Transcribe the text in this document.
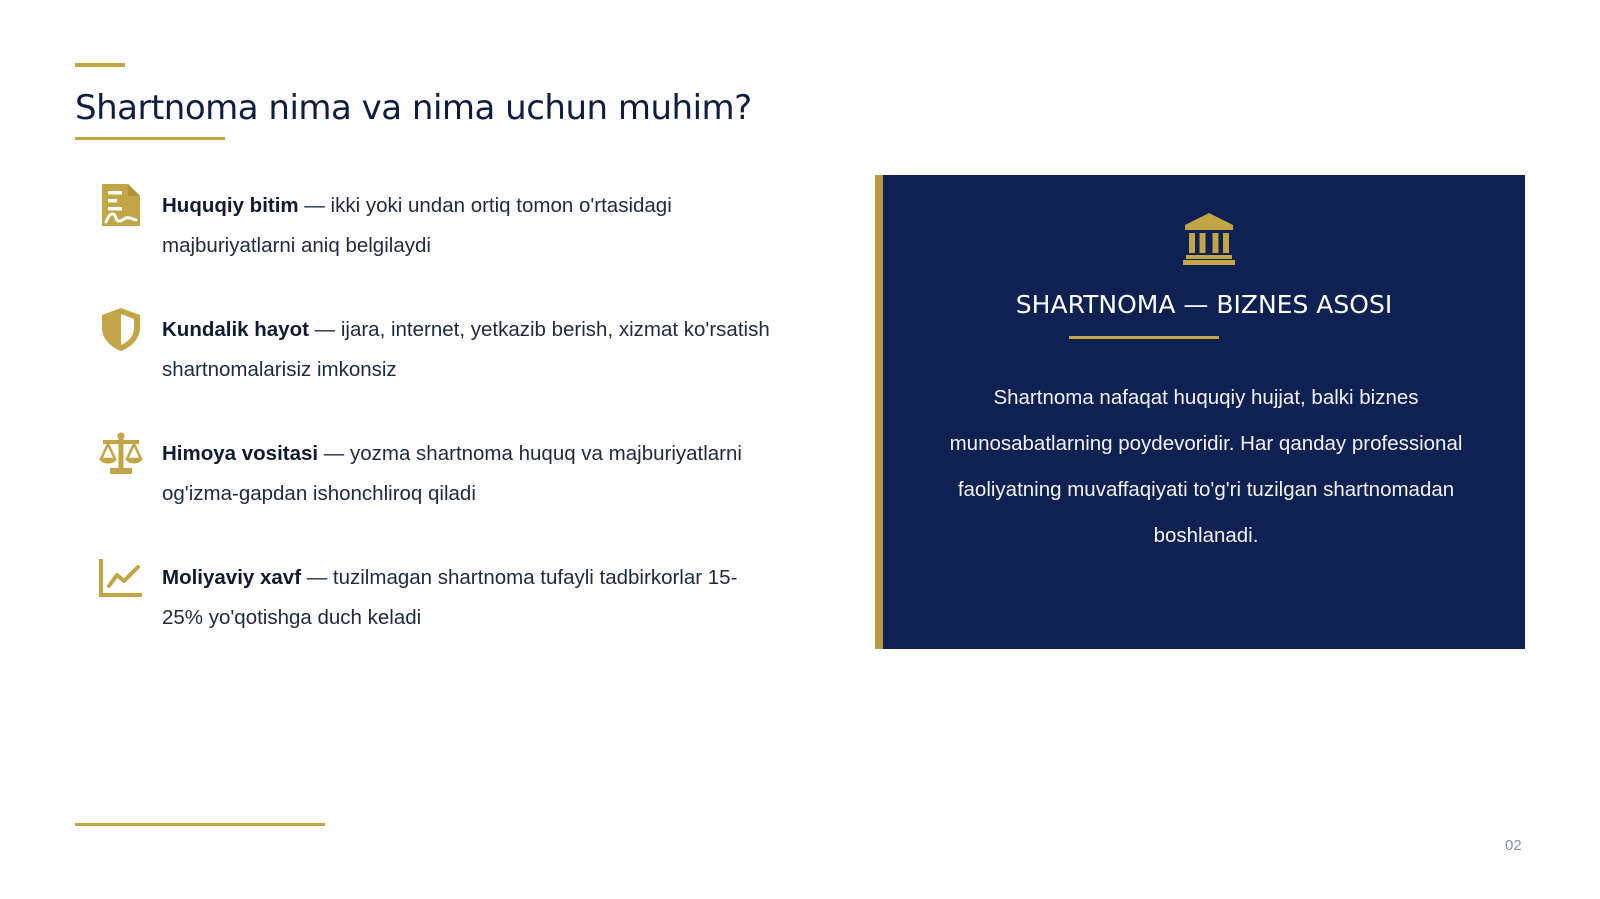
Shartnoma nima va nima uchun muhim?
Huquqiy bitim — ikki yoki undan ortiq tomon o'rtasidagi majburiyatlarni aniq belgilaydi
Kundalik hayot — ijara, internet, yetkazib berish, xizmat ko'rsatish shartnomalarisiz imkonsiz
Himoya vositasi — yozma shartnoma huquq va majburiyatlarni og'izma-gapdan ishonchliroq qiladi
Moliyaviy xavf — tuzilmagan shartnoma tufayli tadbirkorlar 15-25% yo'qotishga duch keladi
SHARTNOMA — BIZNES ASOSI
Shartnoma nafaqat huquqiy hujjat, balki biznes munosabatlarning poydevoridir. Har qanday professional faoliyatning muvaffaqiyati to'g'ri tuzilgan shartnomadan boshlanadi.
02
